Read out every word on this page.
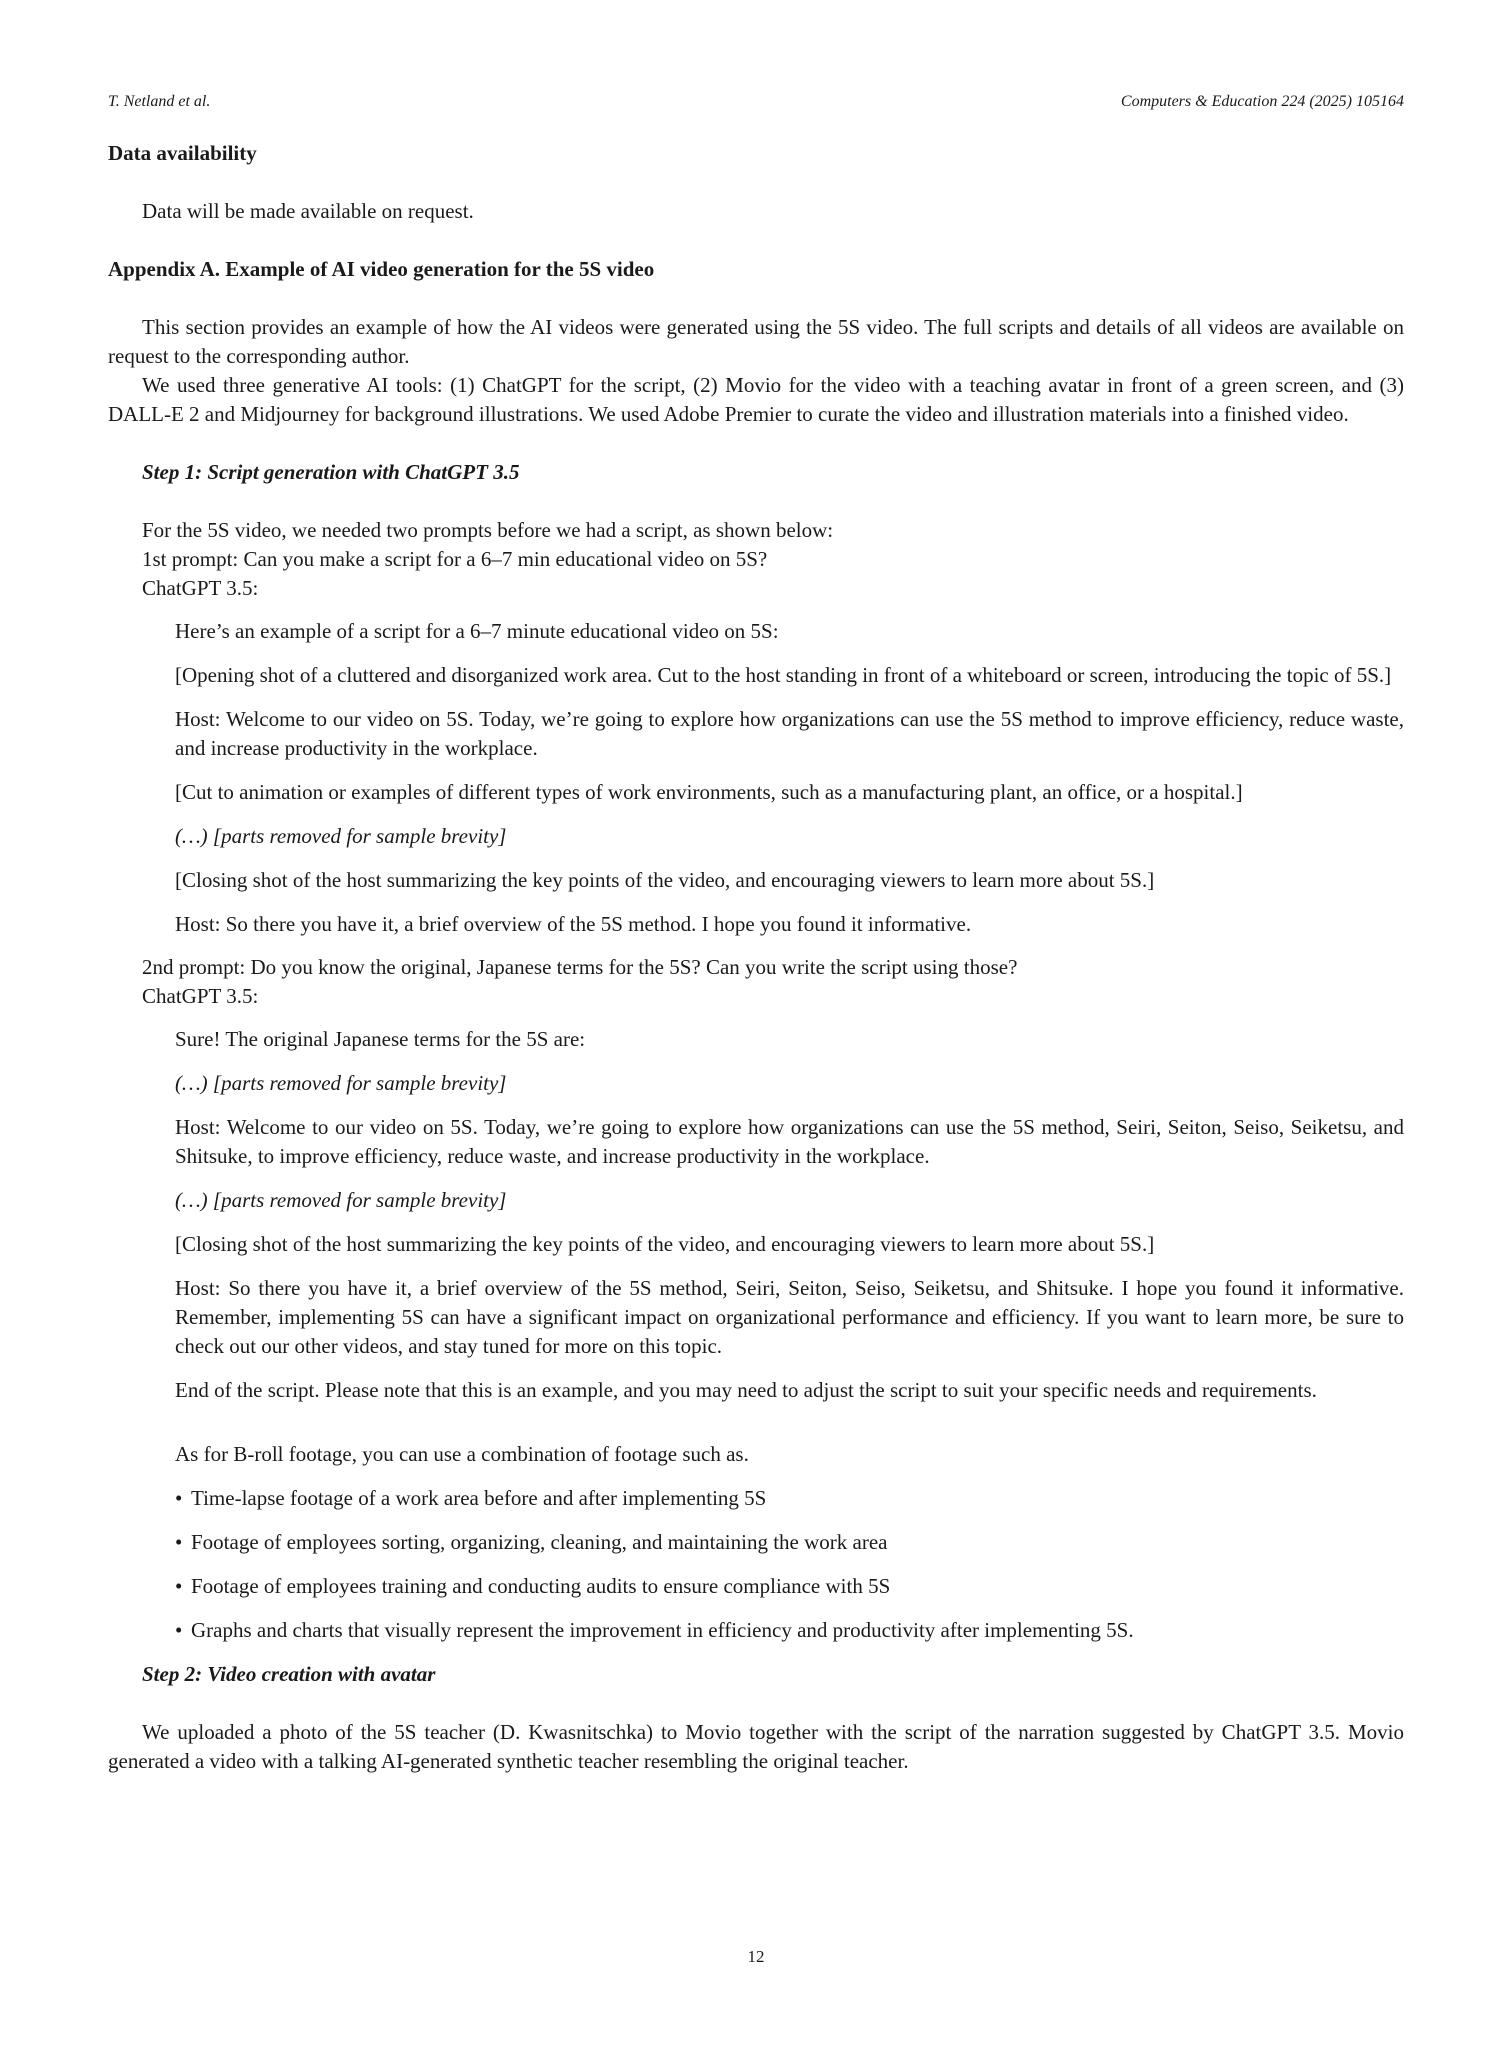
T. Netland et al.	Computers & Education 224 (2025) 105164
Data availability

Data will be made available on request.

Appendix A. Example of AI video generation for the 5S video

This section provides an example of how the AI videos were generated using the 5S video. The full scripts and details of all videos are available on request to the corresponding author.

We used three generative AI tools: (1) ChatGPT for the script, (2) Movio for the video with a teaching avatar in front of a green screen, and (3) DALL-E 2 and Midjourney for background illustrations. We used Adobe Premier to curate the video and illustration materials into a finished video.

Step 1: Script generation with ChatGPT 3.5

For the 5S video, we needed two prompts before we had a script, as shown below:

1st prompt: Can you make a script for a 6–7 min educational video on 5S?

ChatGPT 3.5:

Here’s an example of a script for a 6–7 minute educational video on 5S:

[Opening shot of a cluttered and disorganized work area. Cut to the host standing in front of a whiteboard or screen, introducing the topic of 5S.]

Host: Welcome to our video on 5S. Today, we’re going to explore how organizations can use the 5S method to improve efficiency, reduce waste, and increase productivity in the workplace.

[Cut to animation or examples of different types of work environments, such as a manufacturing plant, an office, or a hospital.]

(…) [parts removed for sample brevity]

[Closing shot of the host summarizing the key points of the video, and encouraging viewers to learn more about 5S.]

Host: So there you have it, a brief overview of the 5S method. I hope you found it informative.

2nd prompt: Do you know the original, Japanese terms for the 5S? Can you write the script using those?

ChatGPT 3.5:

Sure! The original Japanese terms for the 5S are:

(…) [parts removed for sample brevity]

Host: Welcome to our video on 5S. Today, we’re going to explore how organizations can use the 5S method, Seiri, Seiton, Seiso, Seiketsu, and Shitsuke, to improve efficiency, reduce waste, and increase productivity in the workplace.

(…) [parts removed for sample brevity]

[Closing shot of the host summarizing the key points of the video, and encouraging viewers to learn more about 5S.]

Host: So there you have it, a brief overview of the 5S method, Seiri, Seiton, Seiso, Seiketsu, and Shitsuke. I hope you found it informative. Remember, implementing 5S can have a significant impact on organizational performance and efficiency. If you want to learn more, be sure to check out our other videos, and stay tuned for more on this topic.

End of the script. Please note that this is an example, and you may need to adjust the script to suit your specific needs and requirements.

As for B-roll footage, you can use a combination of footage such as.

• Time-lapse footage of a work area before and after implementing 5S

• Footage of employees sorting, organizing, cleaning, and maintaining the work area

• Footage of employees training and conducting audits to ensure compliance with 5S

• Graphs and charts that visually represent the improvement in efficiency and productivity after implementing 5S.

Step 2: Video creation with avatar

We uploaded a photo of the 5S teacher (D. Kwasnitschka) to Movio together with the script of the narration suggested by ChatGPT 3.5. Movio generated a video with a talking AI-generated synthetic teacher resembling the original teacher.

12
